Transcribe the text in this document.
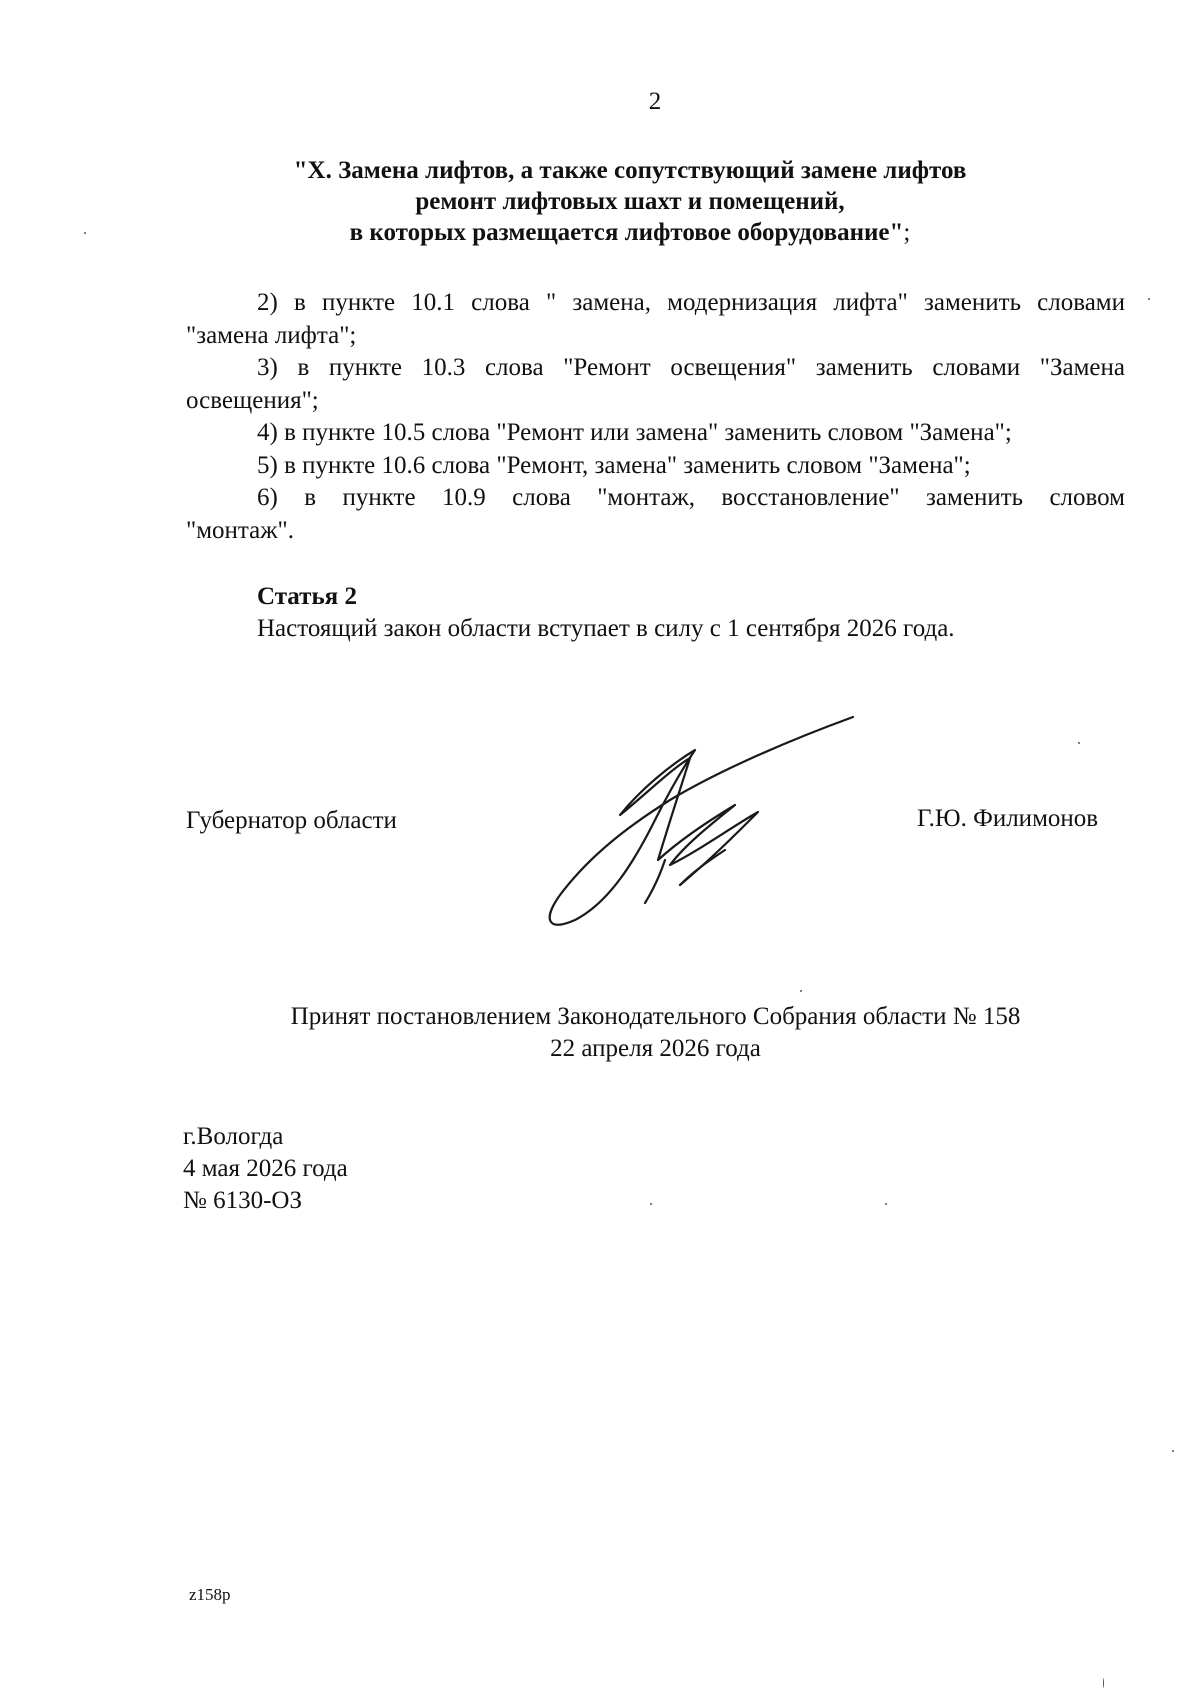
2
"X. Замена лифтов, а также сопутствующий замене лифтов
ремонт лифтовых шахт и помещений,
в которых размещается лифтовое оборудование";
2) в пункте 10.1 слова " замена, модернизация лифта" заменить словами
"замена лифта";
3) в пункте 10.3 слова "Ремонт освещения" заменить словами "Замена
освещения";
4) в пункте 10.5 слова "Ремонт или замена" заменить словом "Замена";
5) в пункте 10.6 слова "Ремонт, замена" заменить словом "Замена";
6) в пункте 10.9 слова "монтаж, восстановление" заменить словом
"монтаж".
Статья 2
Настоящий закон области вступает в силу с 1 сентября 2026 года.
Губернатор области	Г.Ю. Филимонов
Принят постановлением Законодательного Собрания области № 158
22 апреля 2026 года
г.Вологда
4 мая 2026 года
№ 6130-ОЗ
z158p
